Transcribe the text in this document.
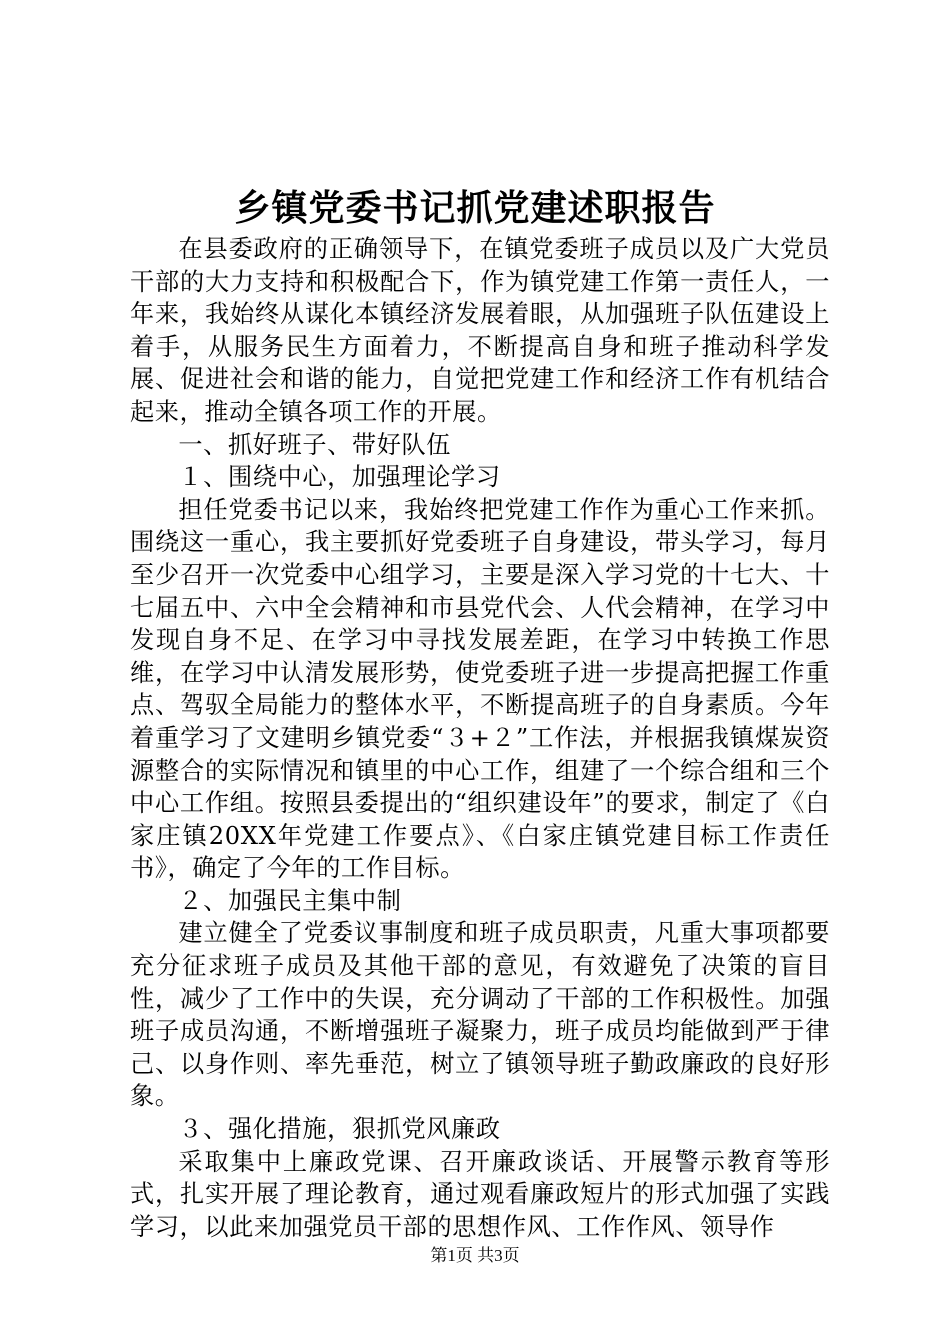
乡镇党委书记抓党建述职报告

在县委政府的正确领导下，在镇党委班子成员以及广大党员干部的大力支持和积极配合下，作为镇党建工作第一责任人，一年来，我始终从谋化本镇经济发展着眼，从加强班子队伍建设上着手，从服务民生方面着力，不断提高自身和班子推动科学发展、促进社会和谐的能力，自觉把党建工作和经济工作有机结合起来，推动全镇各项工作的开展。

一、抓好班子、带好队伍

１、围绕中心，加强理论学习

担任党委书记以来，我始终把党建工作作为重心工作来抓。围绕这一重心，我主要抓好党委班子自身建设，带头学习，每月至少召开一次党委中心组学习，主要是深入学习党的十七大、十七届五中、六中全会精神和市县党代会、人代会精神，在学习中发现自身不足、在学习中寻找发展差距，在学习中转换工作思维，在学习中认清发展形势，使党委班子进一步提高把握工作重点、驾驭全局能力的整体水平，不断提高班子的自身素质。今年着重学习了文建明乡镇党委“３+２”工作法，并根据我镇煤炭资源整合的实际情况和镇里的中心工作，组建了一个综合组和三个中心工作组。按照县委提出的“组织建设年”的要求，制定了《白家庄镇20XX年党建工作要点》、《白家庄镇党建目标工作责任书》，确定了今年的工作目标。

２、加强民主集中制

建立健全了党委议事制度和班子成员职责，凡重大事项都要充分征求班子成员及其他干部的意见，有效避免了决策的盲目性，减少了工作中的失误，充分调动了干部的工作积极性。加强班子成员沟通，不断增强班子凝聚力，班子成员均能做到严于律己、以身作则、率先垂范，树立了镇领导班子勤政廉政的良好形象。

３、强化措施，狠抓党风廉政

采取集中上廉政党课、召开廉政谈话、开展警示教育等形式，扎实开展了理论教育，通过观看廉政短片的形式加强了实践学习，以此来加强党员干部的思想作风、工作作风、领导作

第1页 共3页
